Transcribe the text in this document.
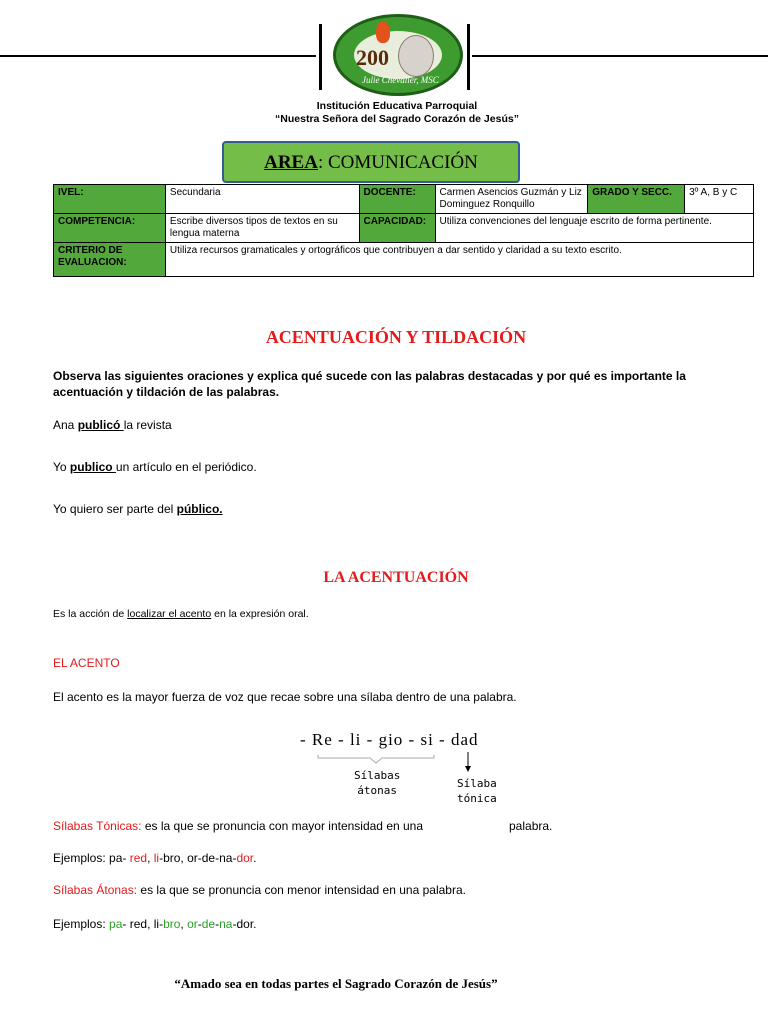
200
Julie Chevalier, MSC
Institución Educativa Parroquial
“Nuestra Señora del Sagrado Corazón de Jesús”
AREA: COMUNICACIÓN
IVEL:	Secundaria	DOCENTE:	Carmen Asencios Guzmán y Liz Dominguez Ronquillo	GRADO Y SECC.	3º A, B y C
COMPETENCIA:	Escribe diversos tipos de textos en su lengua materna	CAPACIDAD:	Utiliza convenciones del lenguaje escrito de forma pertinente.		
CRITERIO DE EVALUACION:	Utiliza recursos gramaticales y ortográficos que contribuyen a dar sentido y claridad a su texto escrito.				
ACENTUACIÓN Y TILDACIÓN
Observa las siguientes oraciones y explica qué sucede con las palabras destacadas y por qué es importante la acentuación y tildación de las palabras.
Ana publicó la revista
Yo publico un artículo en el periódico.
Yo quiero ser parte del público.
LA ACENTUACIÓN
Es la acción de localizar el acento en la expresión oral.
EL ACENTO
El acento es la mayor fuerza de voz que recae sobre una sílaba dentro de una palabra.
- Re - li - gio - si - dad
Sílabas
átonas
Sílaba
tónica
Sílabas Tónicas: es la que se pronuncia con mayor intensidad en una	palabra.
Ejemplos: pa- red, li-bro, or-de-na-dor.
Sílabas Átonas: es la que se pronuncia con menor intensidad en una palabra.
Ejemplos: pa- red, li-bro, or-de-na-dor.
“Amado sea en todas partes el Sagrado Corazón de Jesús”
